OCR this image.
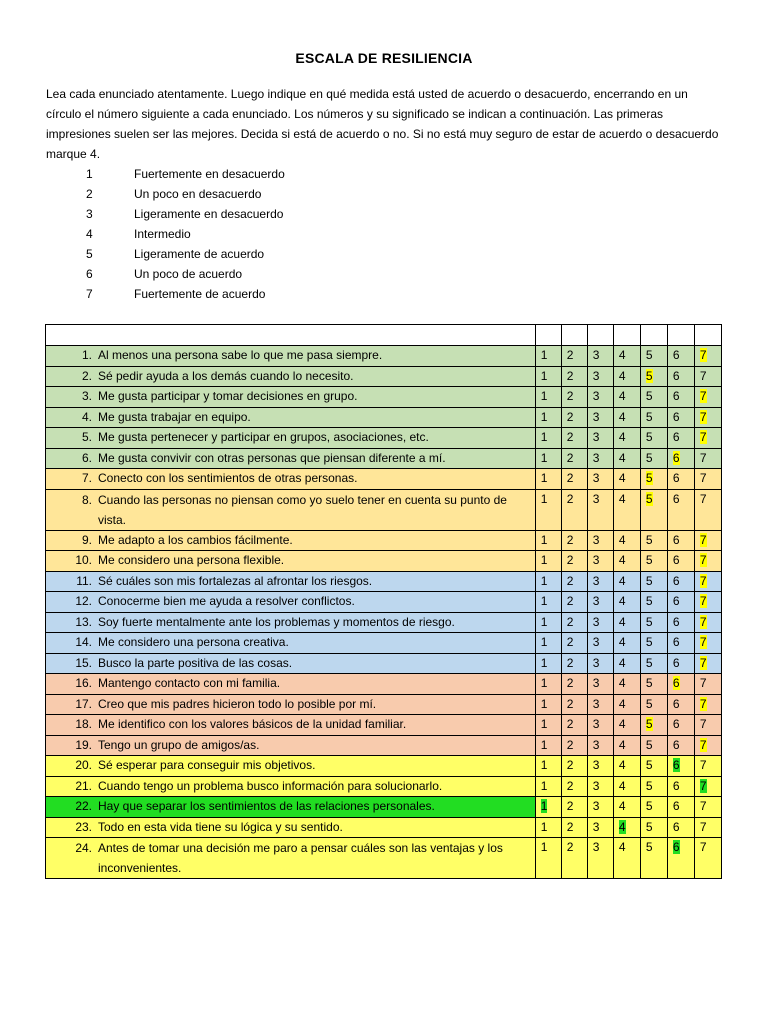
ESCALA DE RESILIENCIA

Lea cada enunciado atentamente. Luego indique en qué medida está usted de acuerdo o desacuerdo, encerrando en un círculo el número siguiente a cada enunciado. Los números y su significado se indican a continuación. Las primeras impresiones suelen ser las mejores. Decida si está de acuerdo o no. Si no está muy seguro de estar de acuerdo o desacuerdo marque 4.

1	Fuertemente en desacuerdo
2	Un poco en desacuerdo
3	Ligeramente en desacuerdo
4	Intermedio
5	Ligeramente de acuerdo
6	Un poco de acuerdo
7	Fuertemente de acuerdo

1. Al menos una persona sabe lo que me pasa siempre.	1	2	3	4	5	6	7

2. Sé pedir ayuda a los demás cuando lo necesito.	1	2	3	4	5	6	7

3. Me gusta participar y tomar decisiones en grupo.	1	2	3	4	5	6	7

4. Me gusta trabajar en equipo.	1	2	3	4	5	6	7

5. Me gusta pertenecer y participar en grupos, asociaciones, etc.	1	2	3	4	5	6	7

6. Me gusta convivir con otras personas que piensan diferente a mí.	1	2	3	4	5	6	7

7. Conecto con los sentimientos de otras personas.	1	2	3	4	5	6	7

8. Cuando las personas no piensan como yo suelo tener en cuenta su punto de vista.	1	2	3	4	5	6	7

9. Me adapto a los cambios fácilmente.	1	2	3	4	5	6	7

10. Me considero una persona flexible.	1	2	3	4	5	6	7

11. Sé cuáles son mis fortalezas al afrontar los riesgos.	1	2	3	4	5	6	7

12. Conocerme bien me ayuda a resolver conflictos.	1	2	3	4	5	6	7

13. Soy fuerte mentalmente ante los problemas y momentos de riesgo.	1	2	3	4	5	6	7

14. Me considero una persona creativa.	1	2	3	4	5	6	7

15. Busco la parte positiva de las cosas.	1	2	3	4	5	6	7

16. Mantengo contacto con mi familia.	1	2	3	4	5	6	7

17. Creo que mis padres hicieron todo lo posible por mí.	1	2	3	4	5	6	7

18. Me identifico con los valores básicos de la unidad familiar.	1	2	3	4	5	6	7

19. Tengo un grupo de amigos/as.	1	2	3	4	5	6	7

20. Sé esperar para conseguir mis objetivos.	1	2	3	4	5	6	7

21. Cuando tengo un problema busco información para solucionarlo.	1	2	3	4	5	6	7

22. Hay que separar los sentimientos de las relaciones personales.	1	2	3	4	5	6	7

23. Todo en esta vida tiene su lógica y su sentido.	1	2	3	4	5	6	7

24. Antes de tomar una decisión me paro a pensar cuáles son las ventajas y los inconvenientes.	1	2	3	4	5	6	7
